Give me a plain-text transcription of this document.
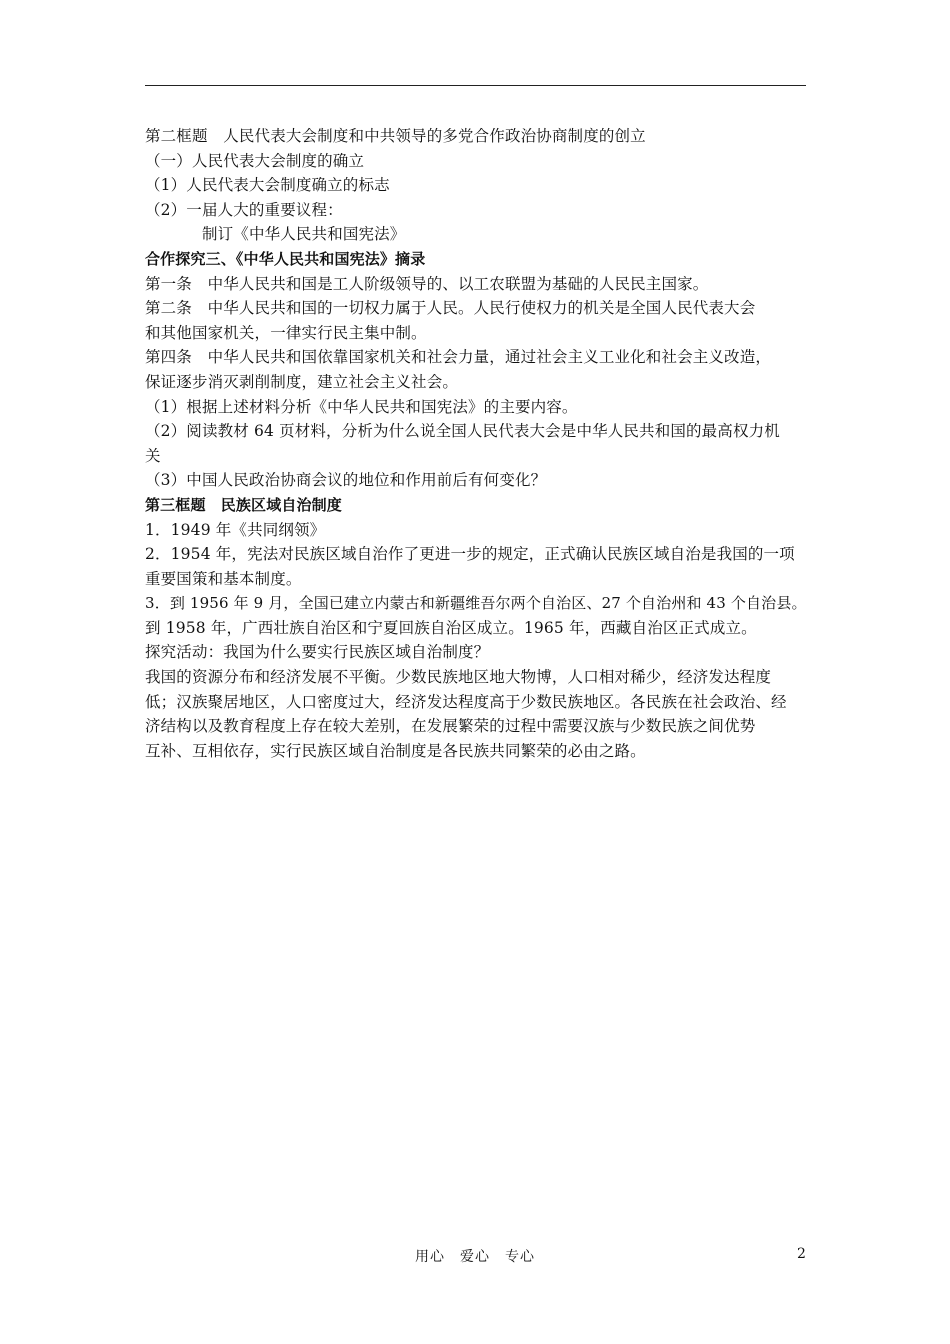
第二框题　人民代表大会制度和中共领导的多党合作政治协商制度的创立
（一）人民代表大会制度的确立
（1）人民代表大会制度确立的标志
（2）一届人大的重要议程：
制订《中华人民共和国宪法》
合作探究三、《中华人民共和国宪法》摘录
第一条　中华人民共和国是工人阶级领导的、以工农联盟为基础的人民民主国家。
第二条　中华人民共和国的一切权力属于人民。人民行使权力的机关是全国人民代表大会
和其他国家机关，一律实行民主集中制。
第四条　中华人民共和国依靠国家机关和社会力量，通过社会主义工业化和社会主义改造，
保证逐步消灭剥削制度，建立社会主义社会。
（1）根据上述材料分析《中华人民共和国宪法》的主要内容。
（2）阅读教材 64 页材料，分析为什么说全国人民代表大会是中华人民共和国的最高权力机
关
（3）中国人民政治协商会议的地位和作用前后有何变化？
第三框题　民族区域自治制度
1．1949 年《共同纲领》
2．1954 年，宪法对民族区域自治作了更进一步的规定，正式确认民族区域自治是我国的一项
重要国策和基本制度。
3．到 1956 年 9 月，全国已建立内蒙古和新疆维吾尔两个自治区、27 个自治州和 43 个自治县。
到 1958 年，广西壮族自治区和宁夏回族自治区成立。1965 年，西藏自治区正式成立。
探究活动：我国为什么要实行民族区域自治制度？
我国的资源分布和经济发展不平衡。少数民族地区地大物博，人口相对稀少，经济发达程度
低；汉族聚居地区，人口密度过大，经济发达程度高于少数民族地区。各民族在社会政治、经
济结构以及教育程度上存在较大差别，在发展繁荣的过程中需要汉族与少数民族之间优势
互补、互相依存，实行民族区域自治制度是各民族共同繁荣的必由之路。
用心　爱心　专心	2
